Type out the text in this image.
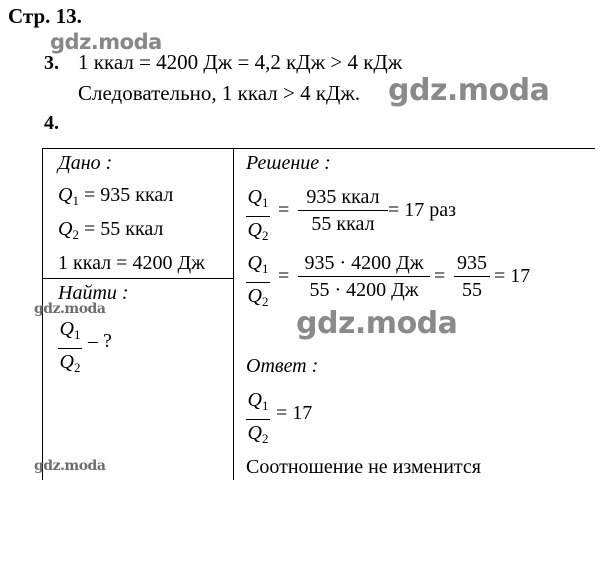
Стр. 13.
gdz.moda
3. 1 ккал = 4200 Дж = 4,2 кДж > 4 кДж
Следовательно, 1 ккал > 4 кДж. gdz.moda
4.
Дано :
$Q_1 = 935$ ккал
$Q_2 = 55$ ккал
1 ккал = 4200 Дж
Найти :
gdz.moda
$Q_1$
$Q_2$
– ?
gdz.moda
Решение :
$Q_1$
$Q_2$
=
935 ккал
55 ккал
= 17 раз
$Q_1$
$Q_2$
=
935 · 4200 Дж
55 · 4200 Дж
=
935
55
= 17
gdz.moda
Ответ :
$Q_1$
$Q_2$
= 17
Соотношение не изменится
